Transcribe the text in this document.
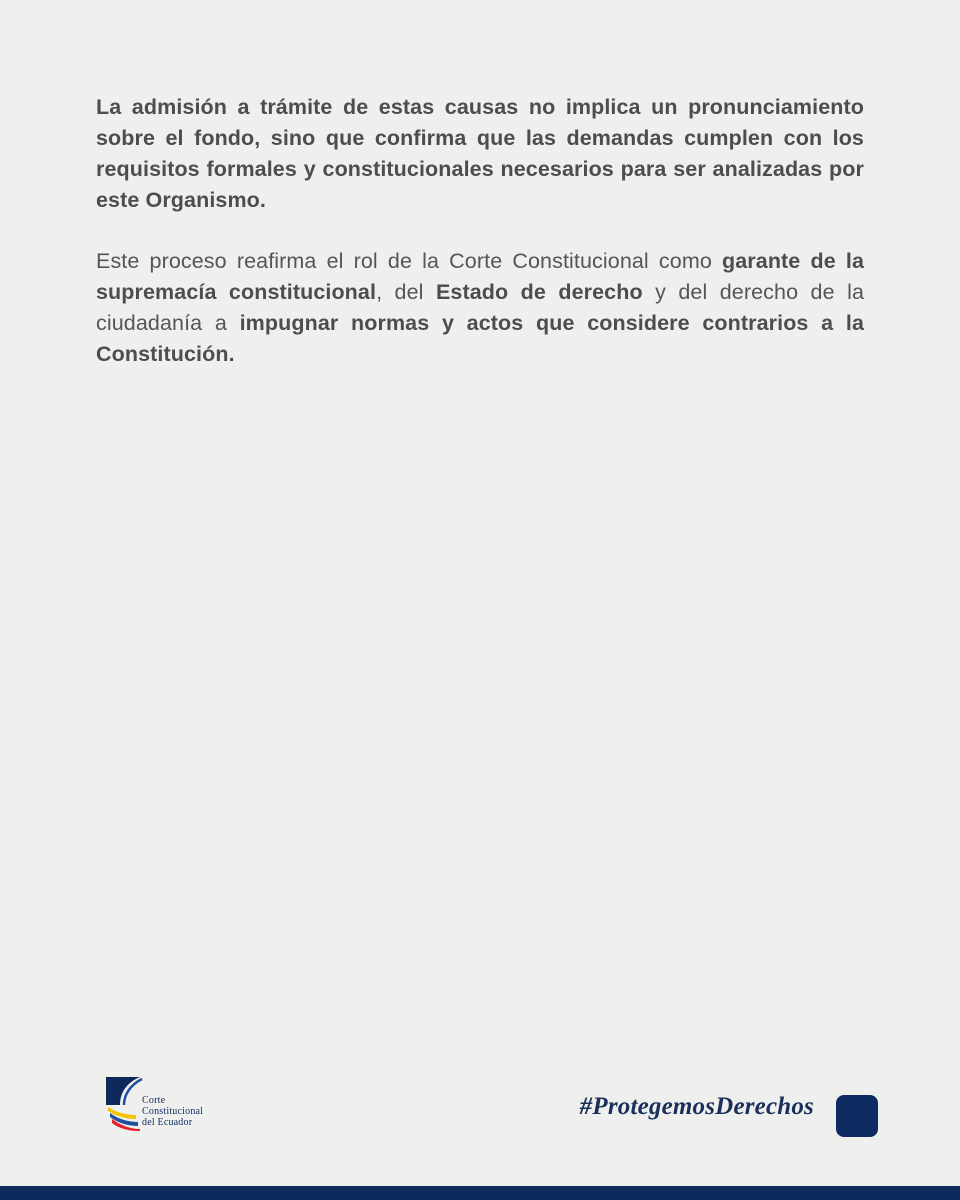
La admisión a trámite de estas causas no implica un pronunciamiento sobre el fondo, sino que confirma que las demandas cumplen con los requisitos formales y constitucionales necesarios para ser analizadas por este Organismo.

Este proceso reafirma el rol de la Corte Constitucional como garante de la supremacía constitucional, del Estado de derecho y del derecho de la ciudadanía a impugnar normas y actos que considere contrarios a la Constitución.

Corte
Constitucional
del Ecuador
#ProtegemosDerechos
